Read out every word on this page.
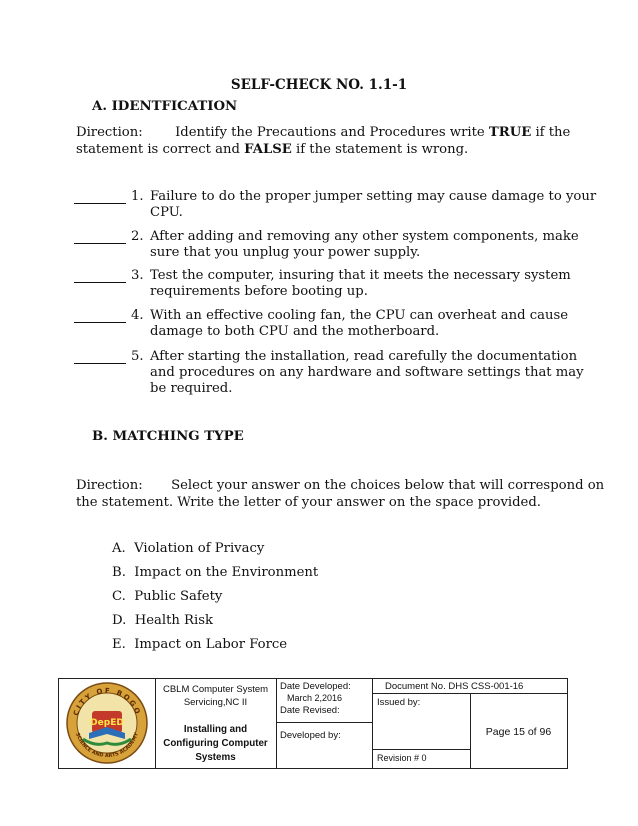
SELF-CHECK NO. 1.1-1
A. IDENTFICATION
Direction: Identify the Precautions and Procedures write TRUE if the
statement is correct and FALSE if the statement is wrong.
1. Failure to do the proper jumper setting may cause damage to your
CPU.
2. After adding and removing any other system components, make
sure that you unplug your power supply.
3. Test the computer, insuring that it meets the necessary system
requirements before booting up.
4. With an effective cooling fan, the CPU can overheat and cause
damage to both CPU and the motherboard.
5. After starting the installation, read carefully the documentation
and procedures on any hardware and software settings that may
be required.
B. MATCHING TYPE
Direction: Select your answer on the choices below that will correspond on
the statement. Write the letter of your answer on the space provided.
A. Violation of Privacy
B. Impact on the Environment
C. Public Safety
D. Health Risk
E. Impact on Labor Force
CITY OF BOGO
SCIENCE AND ARTS ACADEMY
DepED
CBLM Computer System
Servicing,NC II
Installing and
Configuring Computer
Systems
Date Developed:
March 2,2016
Date Revised:
Developed by:
Document No. DHS CSS-001-16
Issued by:
Revision # 0
Page 15 of 96
